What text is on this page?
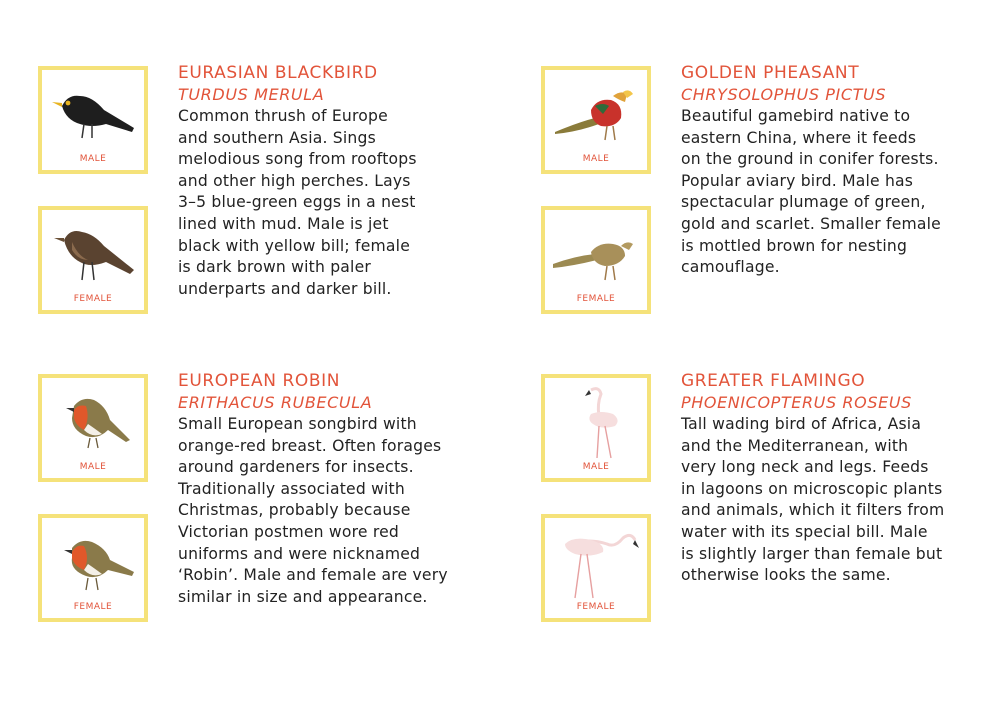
MALE
FEMALE
EURASIAN BLACKBIRD
TURDUS MERULA
Common thrush of Europe
and southern Asia. Sings
melodious song from rooftops
and other high perches. Lays
3–5 blue-green eggs in a nest
lined with mud. Male is jet
black with yellow bill; female
is dark brown with paler
underparts and darker bill.
MALE
FEMALE
GOLDEN PHEASANT
CHRYSOLOPHUS PICTUS
Beautiful gamebird native to
eastern China, where it feeds
on the ground in conifer forests.
Popular aviary bird. Male has
spectacular plumage of green,
gold and scarlet. Smaller female
is mottled brown for nesting
camouflage.
MALE
FEMALE
EUROPEAN ROBIN
ERITHACUS RUBECULA
Small European songbird with
orange-red breast. Often forages
around gardeners for insects.
Traditionally associated with
Christmas, probably because
Victorian postmen wore red
uniforms and were nicknamed
‘Robin’. Male and female are very
similar in size and appearance.
MALE
FEMALE
GREATER FLAMINGO
PHOENICOPTERUS ROSEUS
Tall wading bird of Africa, Asia
and the Mediterranean, with
very long neck and legs. Feeds
in lagoons on microscopic plants
and animals, which it filters from
water with its special bill. Male
is slightly larger than female but
otherwise looks the same.
